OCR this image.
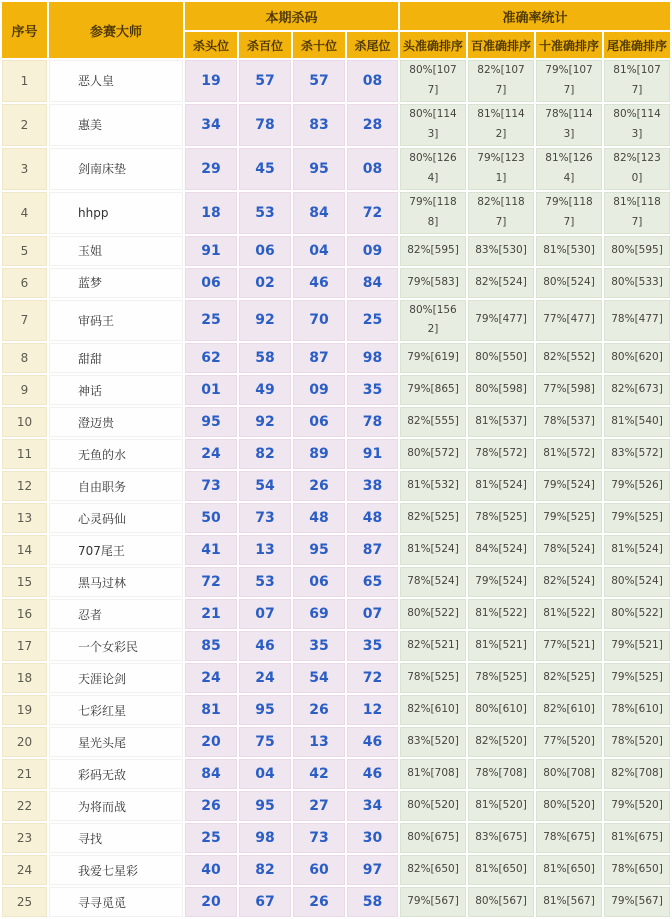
序号	参赛大师	本期杀码				准确率统计			
		杀头位	杀百位	杀十位	杀尾位	头准确排序	百准确排序	十准确排序	尾准确排序
1	恶人皇	19	57	57	08	80%[1077]	82%[1077]	79%[1077]	81%[1077]
2	惠美	34	78	83	28	80%[1143]	81%[1142]	78%[1143]	80%[1143]
3	剑南床垫	29	45	95	08	80%[1264]	79%[1231]	81%[1264]	82%[1230]
4	hhpp	18	53	84	72	79%[1188]	82%[1187]	79%[1187]	81%[1187]
5	玉姐	91	06	04	09	82%[595]	83%[530]	81%[530]	80%[595]
6	蓝梦	06	02	46	84	79%[583]	82%[524]	80%[524]	80%[533]
7	审码王	25	92	70	25	80%[1562]	79%[477]	77%[477]	78%[477]
8	甜甜	62	58	87	98	79%[619]	80%[550]	82%[552]	80%[620]
9	神话	01	49	09	35	79%[865]	80%[598]	77%[598]	82%[673]
10	澄迈贵	95	92	06	78	82%[555]	81%[537]	78%[537]	81%[540]
11	无鱼的水	24	82	89	91	80%[572]	78%[572]	81%[572]	83%[572]
12	自由职务	73	54	26	38	81%[532]	81%[524]	79%[524]	79%[526]
13	心灵码仙	50	73	48	48	82%[525]	78%[525]	79%[525]	79%[525]
14	707尾王	41	13	95	87	81%[524]	84%[524]	78%[524]	81%[524]
15	黑马过林	72	53	06	65	78%[524]	79%[524]	82%[524]	80%[524]
16	忍者	21	07	69	07	80%[522]	81%[522]	81%[522]	80%[522]
17	一个女彩民	85	46	35	35	82%[521]	81%[521]	77%[521]	79%[521]
18	天涯论剑	24	24	54	72	78%[525]	78%[525]	82%[525]	79%[525]
19	七彩红星	81	95	26	12	82%[610]	80%[610]	82%[610]	78%[610]
20	星光头尾	20	75	13	46	83%[520]	82%[520]	77%[520]	78%[520]
21	彩码无敌	84	04	42	46	81%[708]	78%[708]	80%[708]	82%[708]
22	为将而战	26	95	27	34	80%[520]	81%[520]	80%[520]	79%[520]
23	寻找	25	98	73	30	80%[675]	83%[675]	78%[675]	81%[675]
24	我爱七星彩	40	82	60	97	82%[650]	81%[650]	81%[650]	78%[650]
25	寻寻觅觅	20	67	26	58	79%[567]	80%[567]	81%[567]	79%[567]
